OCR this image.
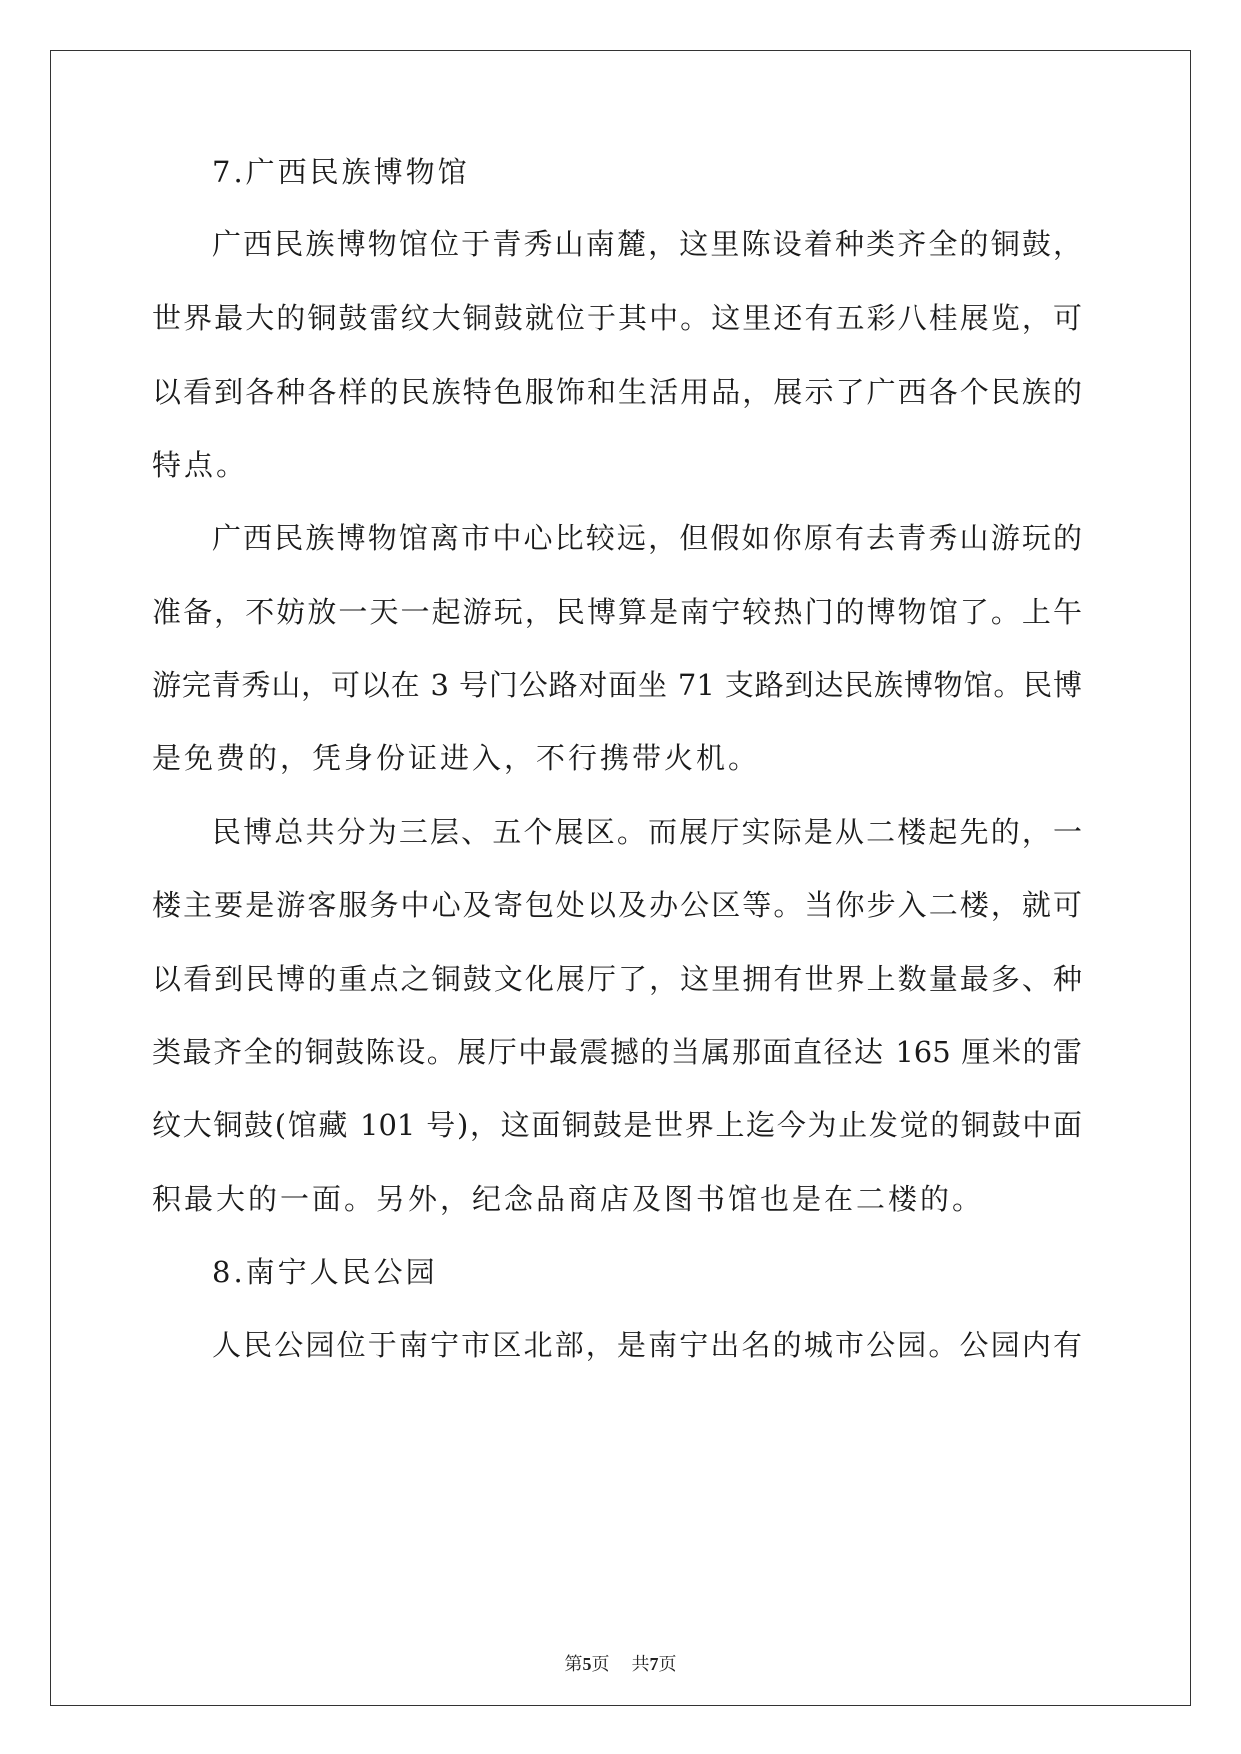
7.广西民族博物馆
广西民族博物馆位于青秀山南麓，这里陈设着种类齐全的铜鼓，
世界最大的铜鼓雷纹大铜鼓就位于其中。这里还有五彩八桂展览，可
以看到各种各样的民族特色服饰和生活用品，展示了广西各个民族的
特点。
广西民族博物馆离市中心比较远，但假如你原有去青秀山游玩的
准备，不妨放一天一起游玩，民博算是南宁较热门的博物馆了。上午
游完青秀山，可以在 3 号门公路对面坐 71 支路到达民族博物馆。民博
是免费的，凭身份证进入，不行携带火机。
民博总共分为三层、五个展区。而展厅实际是从二楼起先的，一
楼主要是游客服务中心及寄包处以及办公区等。当你步入二楼，就可
以看到民博的重点之铜鼓文化展厅了，这里拥有世界上数量最多、种
类最齐全的铜鼓陈设。展厅中最震撼的当属那面直径达 165 厘米的雷
纹大铜鼓(馆藏 101 号)，这面铜鼓是世界上迄今为止发觉的铜鼓中面
积最大的一面。另外，纪念品商店及图书馆也是在二楼的。
8.南宁人民公园
人民公园位于南宁市区北部，是南宁出名的城市公园。公园内有
第5页 共7页
